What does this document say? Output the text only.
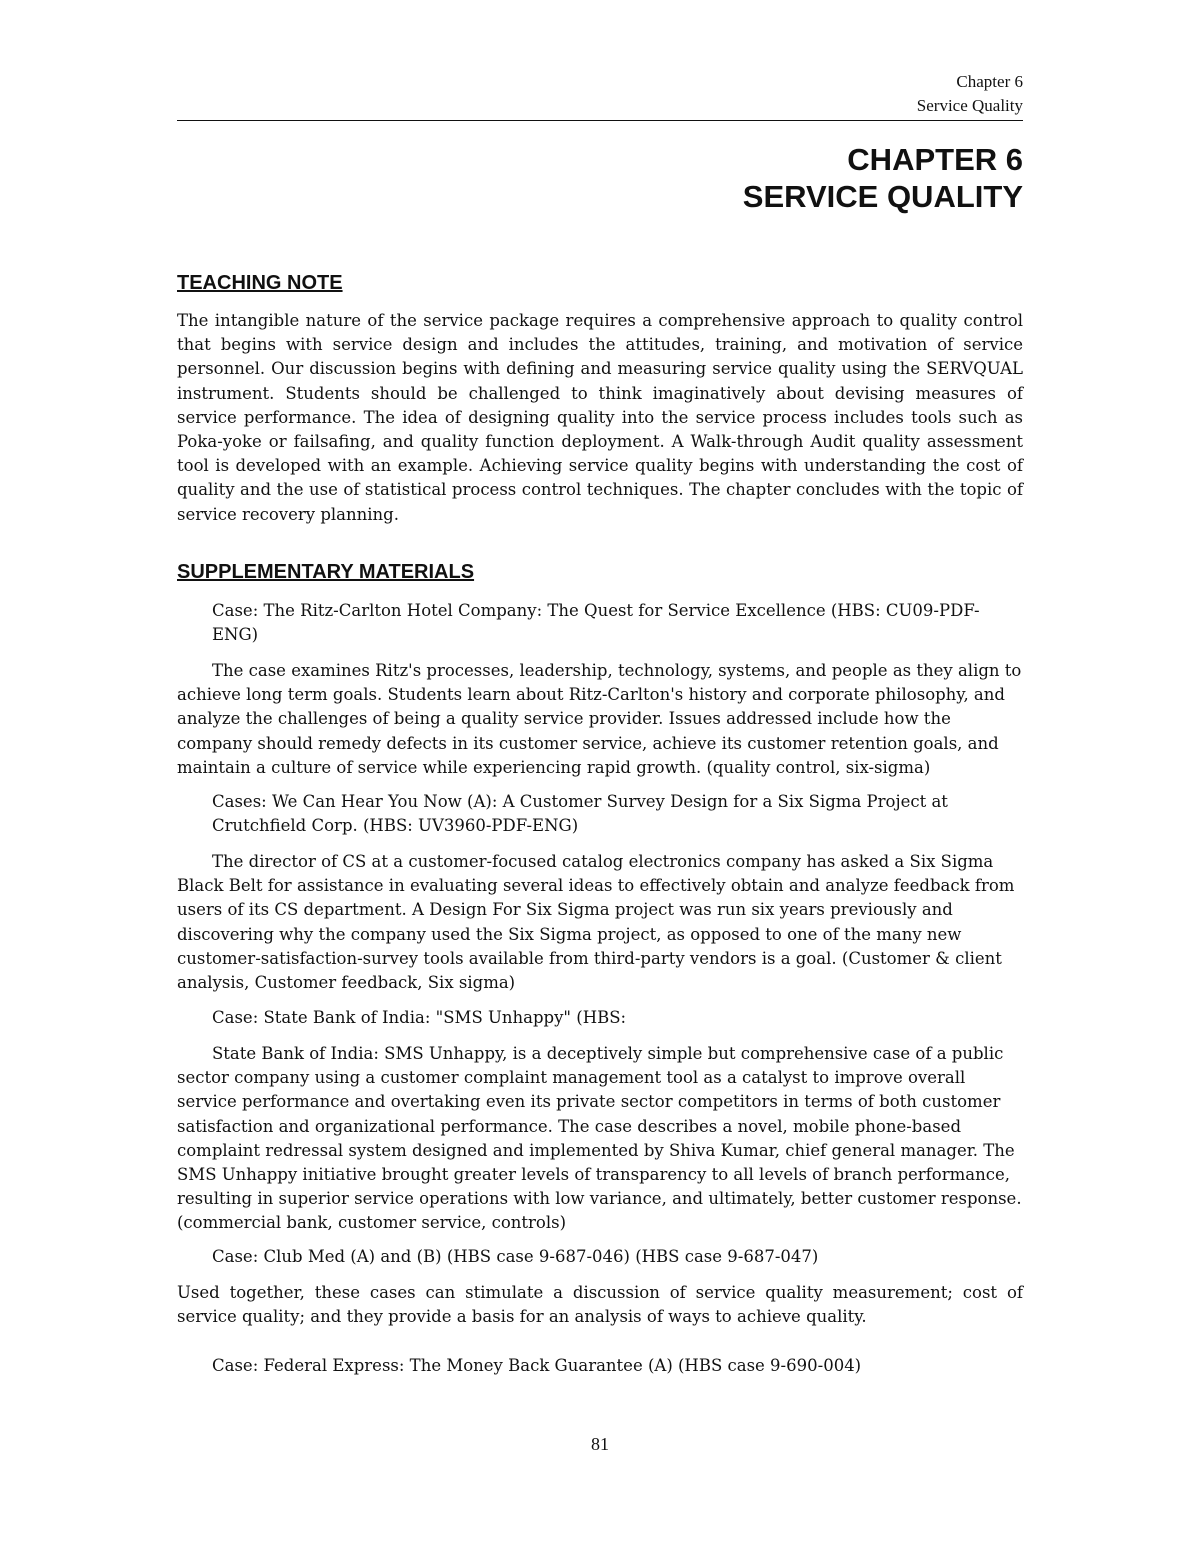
Chapter 6
Service Quality
CHAPTER 6
SERVICE QUALITY
TEACHING NOTE

The intangible nature of the service package requires a comprehensive approach to quality control that begins with service design and includes the attitudes, training, and motivation of service personnel. Our discussion begins with defining and measuring service quality using the SERVQUAL instrument. Students should be challenged to think imaginatively about devising measures of service performance. The idea of designing quality into the service process includes tools such as Poka-yoke or failsafing, and quality function deployment. A Walk-through Audit quality assessment tool is developed with an example. Achieving service quality begins with understanding the cost of quality and the use of statistical process control techniques. The chapter concludes with the topic of service recovery planning.

SUPPLEMENTARY MATERIALS

Case: The Ritz-Carlton Hotel Company: The Quest for Service Excellence (HBS: CU09-PDF-ENG)

The case examines Ritz's processes, leadership, technology, systems, and people as they align to achieve long term goals. Students learn about Ritz-Carlton's history and corporate philosophy, and analyze the challenges of being a quality service provider. Issues addressed include how the company should remedy defects in its customer service, achieve its customer retention goals, and maintain a culture of service while experiencing rapid growth. (quality control, six-sigma)

Cases: We Can Hear You Now (A): A Customer Survey Design for a Six Sigma Project at Crutchfield Corp. (HBS: UV3960-PDF-ENG)

The director of CS at a customer-focused catalog electronics company has asked a Six Sigma Black Belt for assistance in evaluating several ideas to effectively obtain and analyze feedback from users of its CS department. A Design For Six Sigma project was run six years previously and discovering why the company used the Six Sigma project, as opposed to one of the many new customer-satisfaction-survey tools available from third-party vendors is a goal. (Customer & client analysis, Customer feedback, Six sigma)

Case: State Bank of India: "SMS Unhappy" (HBS:

State Bank of India: SMS Unhappy, is a deceptively simple but comprehensive case of a public sector company using a customer complaint management tool as a catalyst to improve overall service performance and overtaking even its private sector competitors in terms of both customer satisfaction and organizational performance. The case describes a novel, mobile phone-based complaint redressal system designed and implemented by Shiva Kumar, chief general manager. The SMS Unhappy initiative brought greater levels of transparency to all levels of branch performance, resulting in superior service operations with low variance, and ultimately, better customer response. (commercial bank, customer service, controls)

Case: Club Med (A) and (B) (HBS case 9-687-046) (HBS case 9-687-047)

Used together, these cases can stimulate a discussion of service quality measurement; cost of service quality; and they provide a basis for an analysis of ways to achieve quality.

Case: Federal Express: The Money Back Guarantee (A) (HBS case 9-690-004)

81
